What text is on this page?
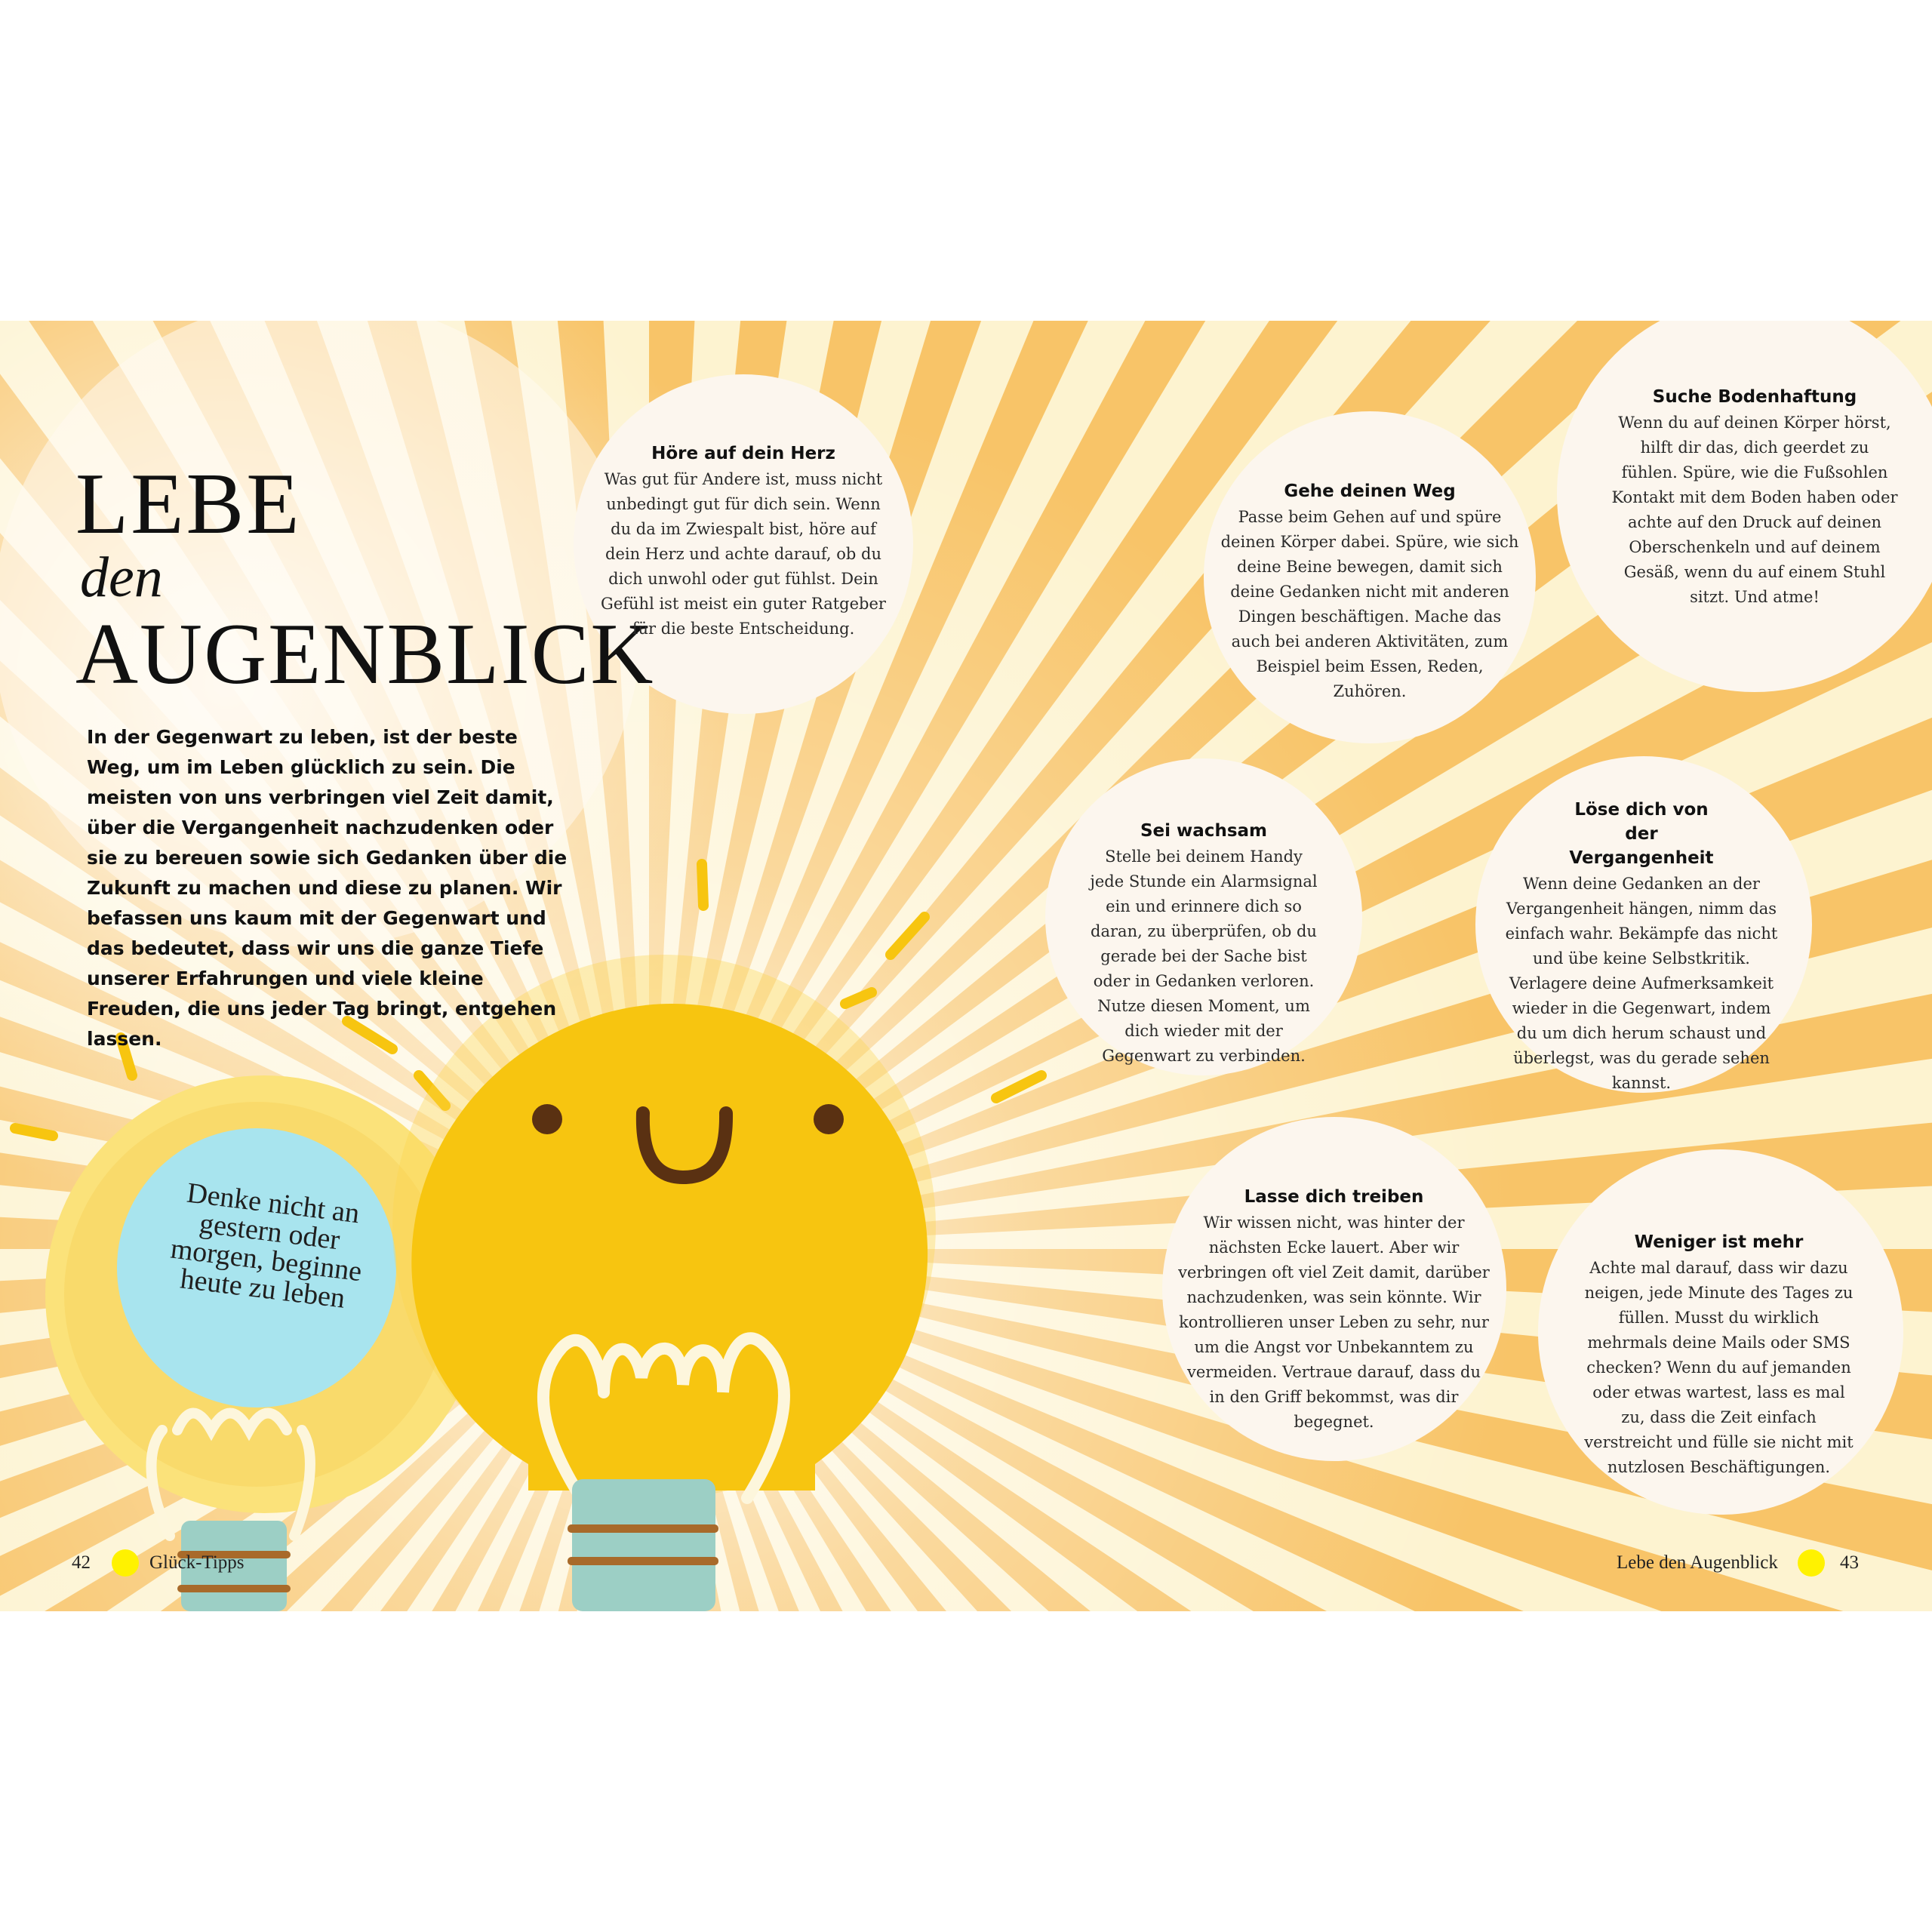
LEBE
den
AUGENBLICK

In der Gegenwart zu leben, ist der beste Weg, um im Leben glücklich zu sein. Die meisten von uns verbringen viel Zeit damit, über die Vergangenheit nachzudenken oder sie zu bereuen sowie sich Gedanken über die Zukunft zu machen und diese zu planen. Wir befassen uns kaum mit der Gegenwart und das bedeutet, dass wir uns die ganze Tiefe unserer Erfahrungen und viele kleine Freuden, die uns jeder Tag bringt, entgehen lassen.

Denke nicht an gestern oder morgen, beginne heute zu leben

Höre auf dein Herz

Was gut für Andere ist, muss nicht unbedingt gut für dich sein. Wenn du da im Zwiespalt bist, höre auf dein Herz und achte darauf, ob du dich unwohl oder gut fühlst. Dein Gefühl ist meist ein guter Ratgeber für die beste Entscheidung.

Gehe deinen Weg

Passe beim Gehen auf und spüre deinen Körper dabei. Spüre, wie sich deine Beine bewegen, damit sich deine Gedanken nicht mit anderen Dingen beschäftigen. Mache das auch bei anderen Aktivitäten, zum Beispiel beim Essen, Reden, Zuhören.

Suche Bodenhaftung

Wenn du auf deinen Körper hörst, hilft dir das, dich geerdet zu fühlen. Spüre, wie die Fußsohlen Kontakt mit dem Boden haben oder achte auf den Druck auf deinen Oberschenkeln und auf deinem Gesäß, wenn du auf einem Stuhl sitzt. Und atme!

Sei wachsam

Stelle bei deinem Handy jede Stunde ein Alarmsignal ein und erinnere dich so daran, zu überprüfen, ob du gerade bei der Sache bist oder in Gedanken verloren. Nutze diesen Moment, um dich wieder mit der Gegenwart zu verbinden.

Löse dich von der Vergangenheit

Wenn deine Gedanken an der Vergangenheit hängen, nimm das einfach wahr. Bekämpfe das nicht und übe keine Selbstkritik. Verlagere deine Aufmerksamkeit wieder in die Gegenwart, indem du um dich herum schaust und überlegst, was du gerade sehen kannst.

Lasse dich treiben

Wir wissen nicht, was hinter der nächsten Ecke lauert. Aber wir verbringen oft viel Zeit damit, darüber nachzudenken, was sein könnte. Wir kontrollieren unser Leben zu sehr, nur um die Angst vor Unbekanntem zu vermeiden. Vertraue darauf, dass du in den Griff bekommst, was dir begegnet.

Weniger ist mehr

Achte mal darauf, dass wir dazu neigen, jede Minute des Tages zu füllen. Musst du wirklich mehrmals deine Mails oder SMS checken? Wenn du auf jemanden oder etwas wartest, lass es mal zu, dass die Zeit einfach verstreicht und fülle sie nicht mit nutzlosen Beschäftigungen.

42	Glück-Tipps	Lebe den Augenblick	43
